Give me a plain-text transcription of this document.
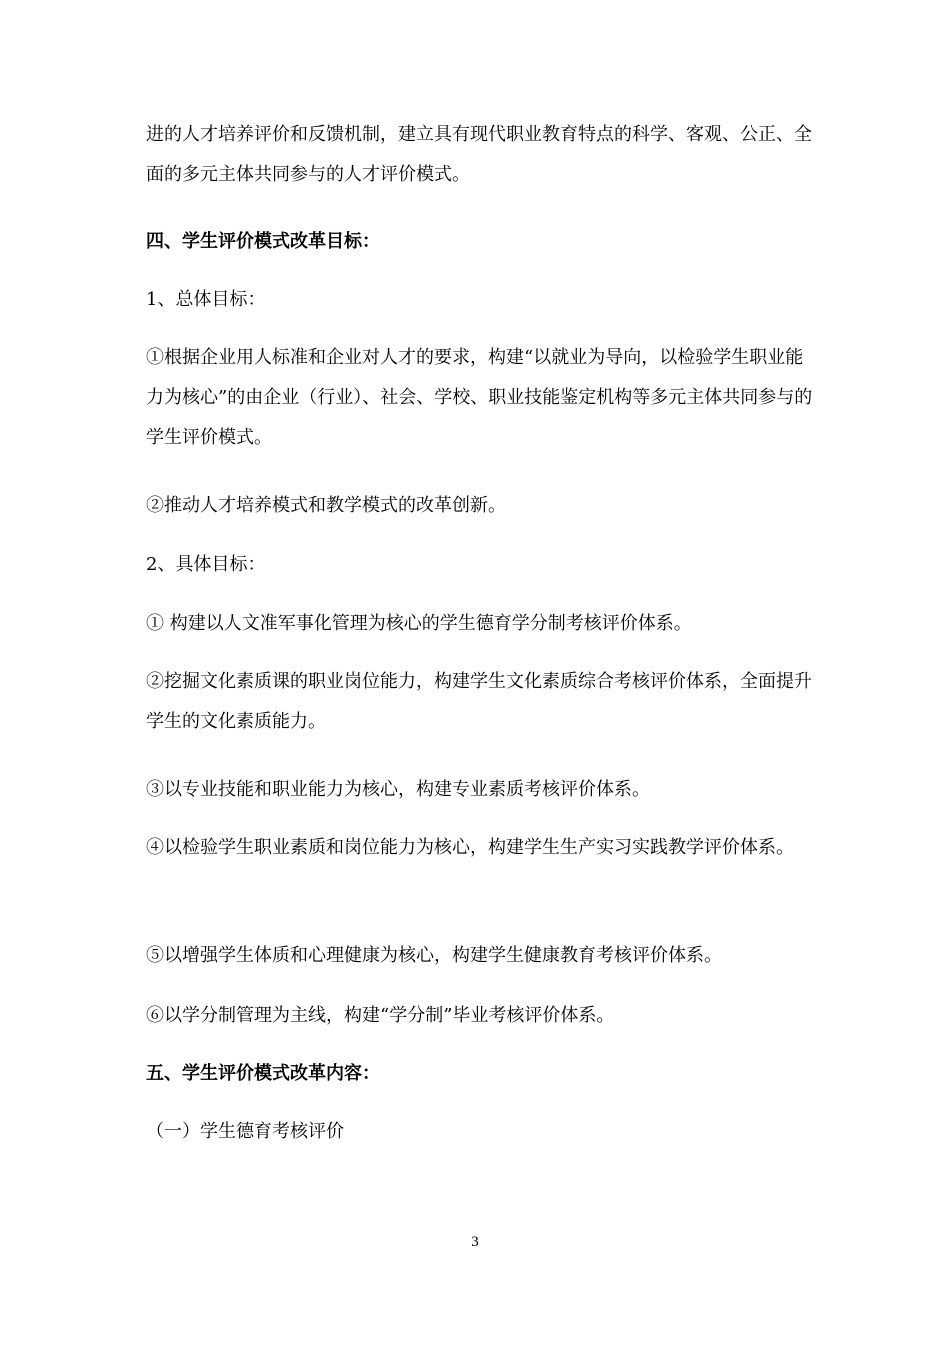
进的人才培养评价和反馈机制，建立具有现代职业教育特点的科学、客观、公正、全面的多元主体共同参与的人才评价模式。

四、学生评价模式改革目标：

1、总体目标：

①根据企业用人标准和企业对人才的要求，构建“以就业为导向，以检验学生职业能力为核心”的由企业（行业）、社会、学校、职业技能鉴定机构等多元主体共同参与的学生评价模式。

②推动人才培养模式和教学模式的改革创新。

2、具体目标：

① 构建以人文准军事化管理为核心的学生德育学分制考核评价体系。

②挖掘文化素质课的职业岗位能力，构建学生文化素质综合考核评价体系，全面提升学生的文化素质能力。

③以专业技能和职业能力为核心，构建专业素质考核评价体系。

④以检验学生职业素质和岗位能力为核心，构建学生生产实习实践教学评价体系。

⑤以增强学生体质和心理健康为核心，构建学生健康教育考核评价体系。

⑥以学分制管理为主线，构建“学分制”毕业考核评价体系。

五、学生评价模式改革内容：

（一）学生德育考核评价

3
